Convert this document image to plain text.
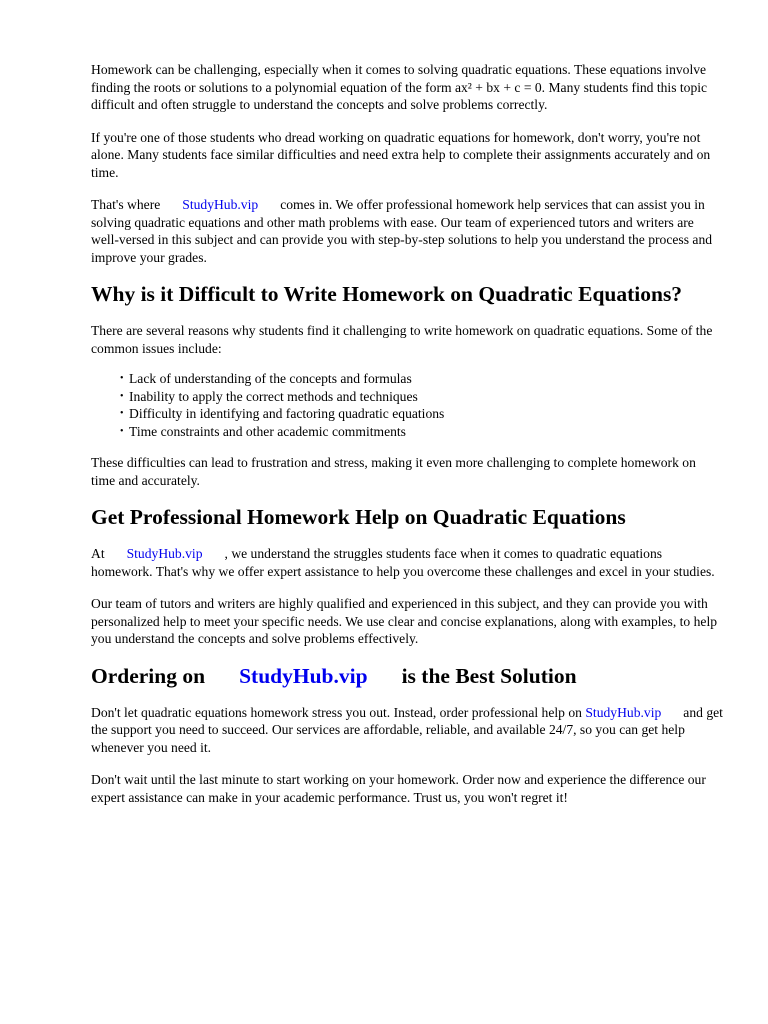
Homework can be challenging, especially when it comes to solving quadratic equations. These equations involve finding the roots or solutions to a polynomial equation of the form ax² + bx + c = 0. Many students find this topic difficult and often struggle to understand the concepts and solve problems correctly.

If you're one of those students who dread working on quadratic equations for homework, don't worry, you're not alone. Many students face similar difficulties and need extra help to complete their assignments accurately and on time.

That's where StudyHub.vip comes in. We offer professional homework help services that can assist you in solving quadratic equations and other math problems with ease. Our team of experienced tutors and writers are well-versed in this subject and can provide you with step-by-step solutions to help you understand the process and improve your grades.

Why is it Difficult to Write Homework on Quadratic Equations?

There are several reasons why students find it challenging to write homework on quadratic equations. Some of the common issues include:

• Lack of understanding of the concepts and formulas
• Inability to apply the correct methods and techniques
• Difficulty in identifying and factoring quadratic equations
• Time constraints and other academic commitments

These difficulties can lead to frustration and stress, making it even more challenging to complete homework on time and accurately.

Get Professional Homework Help on Quadratic Equations

At StudyHub.vip , we understand the struggles students face when it comes to quadratic equations homework. That's why we offer expert assistance to help you overcome these challenges and excel in your studies.

Our team of tutors and writers are highly qualified and experienced in this subject, and they can provide you with personalized help to meet your specific needs. We use clear and concise explanations, along with examples, to help you understand the concepts and solve problems effectively.

Ordering on StudyHub.vip is the Best Solution

Don't let quadratic equations homework stress you out. Instead, order professional help on StudyHub.vip and get the support you need to succeed. Our services are affordable, reliable, and available 24/7, so you can get help whenever you need it.

Don't wait until the last minute to start working on your homework. Order now and experience the difference our expert assistance can make in your academic performance. Trust us, you won't regret it!
